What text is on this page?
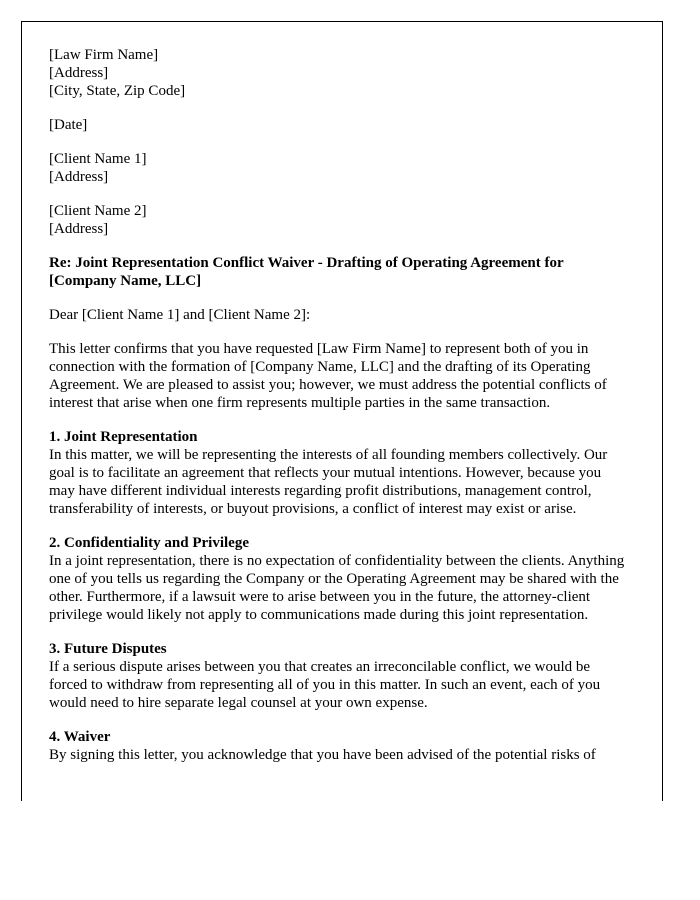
[Law Firm Name]
[Address]
[City, State, Zip Code]
[Date]
[Client Name 1]
[Address]
[Client Name 2]
[Address]

Re: Joint Representation Conflict Waiver - Drafting of Operating Agreement for [Company Name, LLC]

Dear [Client Name 1] and [Client Name 2]:

This letter confirms that you have requested [Law Firm Name] to represent both of you in connection with the formation of [Company Name, LLC] and the drafting of its Operating Agreement. We are pleased to assist you; however, we must address the potential conflicts of interest that arise when one firm represents multiple parties in the same transaction.

1. Joint Representation

In this matter, we will be representing the interests of all founding members collectively. Our goal is to facilitate an agreement that reflects your mutual intentions. However, because you may have different individual interests regarding profit distributions, management control, transferability of interests, or buyout provisions, a conflict of interest may exist or arise.

2. Confidentiality and Privilege

In a joint representation, there is no expectation of confidentiality between the clients. Anything one of you tells us regarding the Company or the Operating Agreement may be shared with the other. Furthermore, if a lawsuit were to arise between you in the future, the attorney-client privilege would likely not apply to communications made during this joint representation.

3. Future Disputes

If a serious dispute arises between you that creates an irreconcilable conflict, we would be forced to withdraw from representing all of you in this matter. In such an event, each of you would need to hire separate legal counsel at your own expense.

4. Waiver

By signing this letter, you acknowledge that you have been advised of the potential risks of
